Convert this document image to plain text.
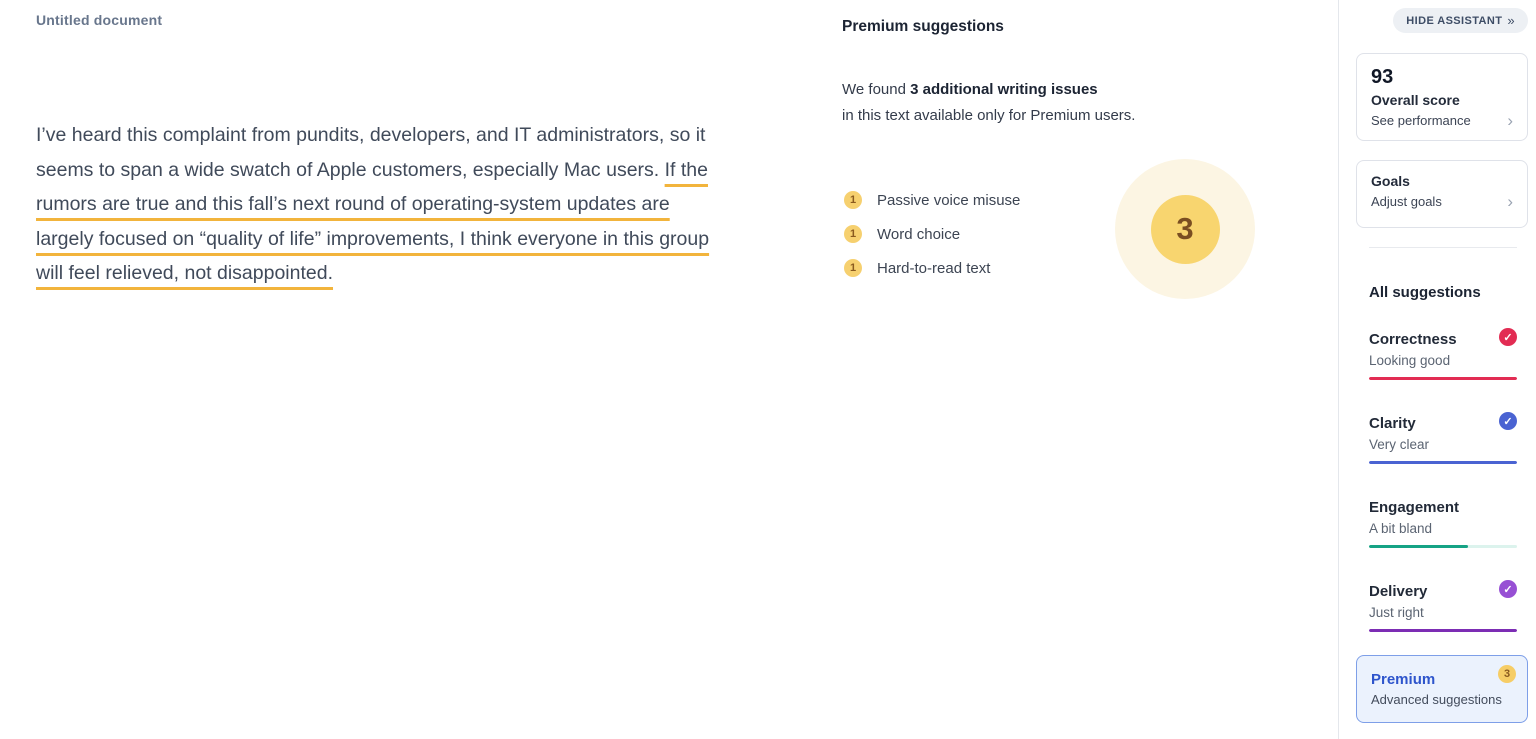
Untitled document

I’ve heard this complaint from pundits, developers, and IT administrators, so it seems to span a wide swatch of Apple customers, especially Mac users. If the rumors are true and this fall’s next round of operating-system updates are largely focused on “quality of life” improvements, I think everyone in this group will feel relieved, not disappointed.

Premium suggestions
We found 3 additional writing issues
in this text available only for Premium users.
1	Passive voice misuse
1	Word choice
1	Hard-to-read text
3
HIDE ASSISTANT »
93
Overall score
See performance ›
Goals
Adjust goals	›
All suggestions
✓
Correctness
Looking good
✓
Clarity
Very clear
Engagement
A bit bland
✓
Delivery
Just right
3
Premium
Advanced suggestions
